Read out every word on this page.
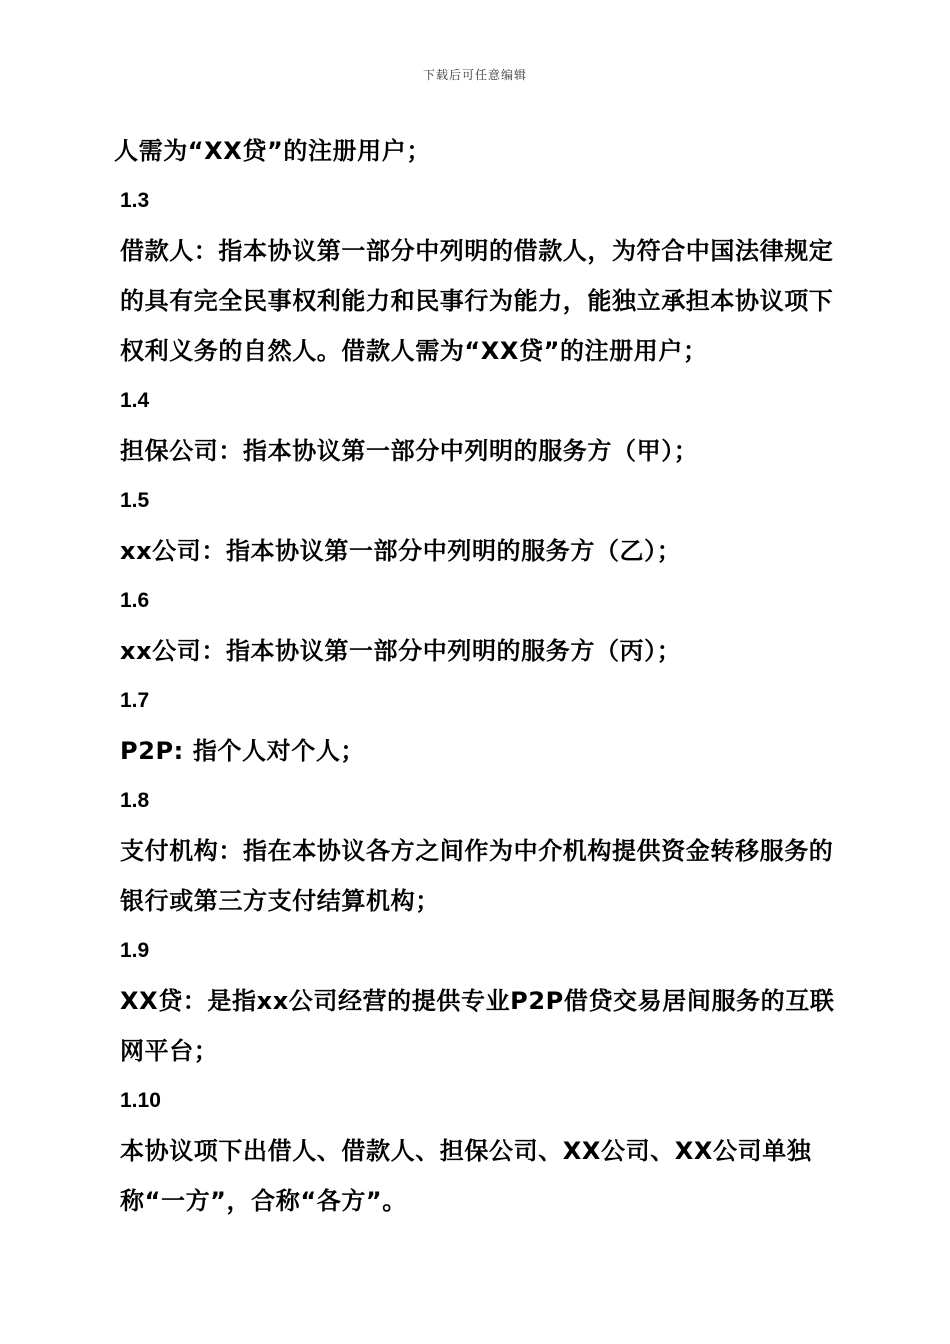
下载后可任意编辑

人需为“XX贷”的注册用户；

1.3

借款人：指本协议第一部分中列明的借款人，为符合中国法律规定的具有完全民事权利能力和民事行为能力，能独立承担本协议项下权利义务的自然人。借款人需为“XX贷”的注册用户；

1.4

担保公司：指本协议第一部分中列明的服务方（甲）；

1.5

xx公司：指本协议第一部分中列明的服务方（乙）；

1.6

xx公司：指本协议第一部分中列明的服务方（丙）；

1.7

P2P: 指个人对个人；

1.8

支付机构：指在本协议各方之间作为中介机构提供资金转移服务的银行或第三方支付结算机构；

1.9

XX贷：是指xx公司经营的提供专业P2P借贷交易居间服务的互联网平台；

1.10

本协议项下出借人、借款人、担保公司、XX公司、XX公司单独称“一方”，合称“各方”。
